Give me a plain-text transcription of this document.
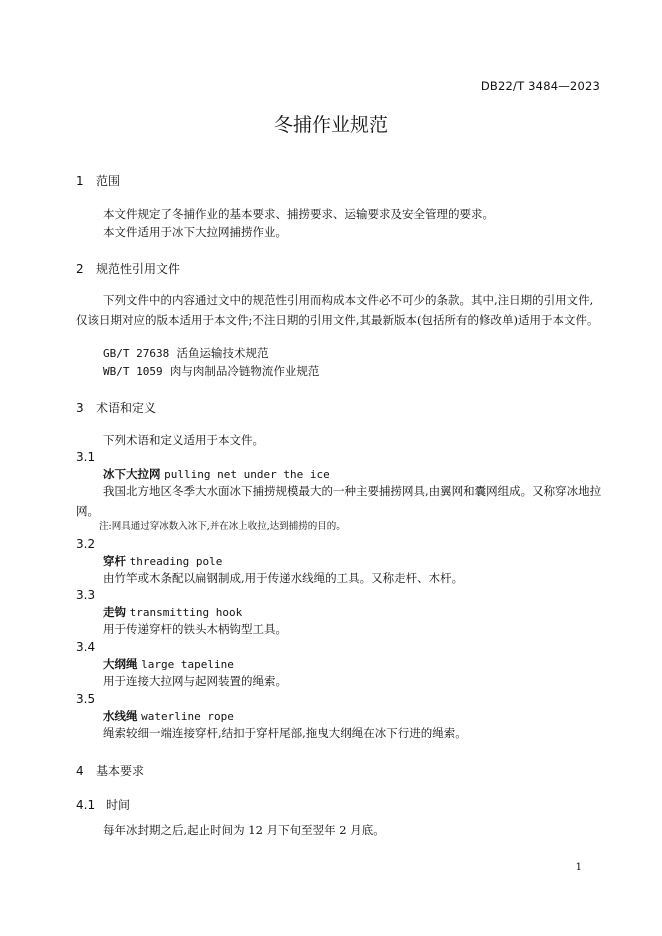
DB22/T 3484—2023
冬捕作业规范
1 范围
本文件规定了冬捕作业的基本要求、捕捞要求、运输要求及安全管理的要求。
本文件适用于冰下大拉网捕捞作业。
2 规范性引用文件
下列文件中的内容通过文中的规范性引用而构成本文件必不可少的条款。其中,注日期的引用文件,仅该日期对应的版本适用于本文件;不注日期的引用文件,其最新版本(包括所有的修改单)适用于本文件。
GB/T 27638 活鱼运输技术规范
WB/T 1059 肉与肉制品冷链物流作业规范
3 术语和定义
下列术语和定义适用于本文件。
3.1
冰下大拉网 pulling net under the ice
我国北方地区冬季大水面冰下捕捞规模最大的一种主要捕捞网具,由翼网和囊网组成。又称穿冰地拉网。
注:网具通过穿冰数入冰下,并在冰上收拉,达到捕捞的目的。
3.2
穿杆 threading pole
由竹竿或木条配以扁钢制成,用于传递水线绳的工具。又称走杆、木杆。
3.3
走钩 transmitting hook
用于传递穿杆的铁头木柄钩型工具。
3.4
大纲绳 large tapeline
用于连接大拉网与起网装置的绳索。
3.5
水线绳 waterline rope
绳索较细一端连接穿杆,结扣于穿杆尾部,拖曳大纲绳在冰下行进的绳索。
4 基本要求
4.1 时间
每年冰封期之后,起止时间为 12 月下旬至翌年 2 月底。
1
